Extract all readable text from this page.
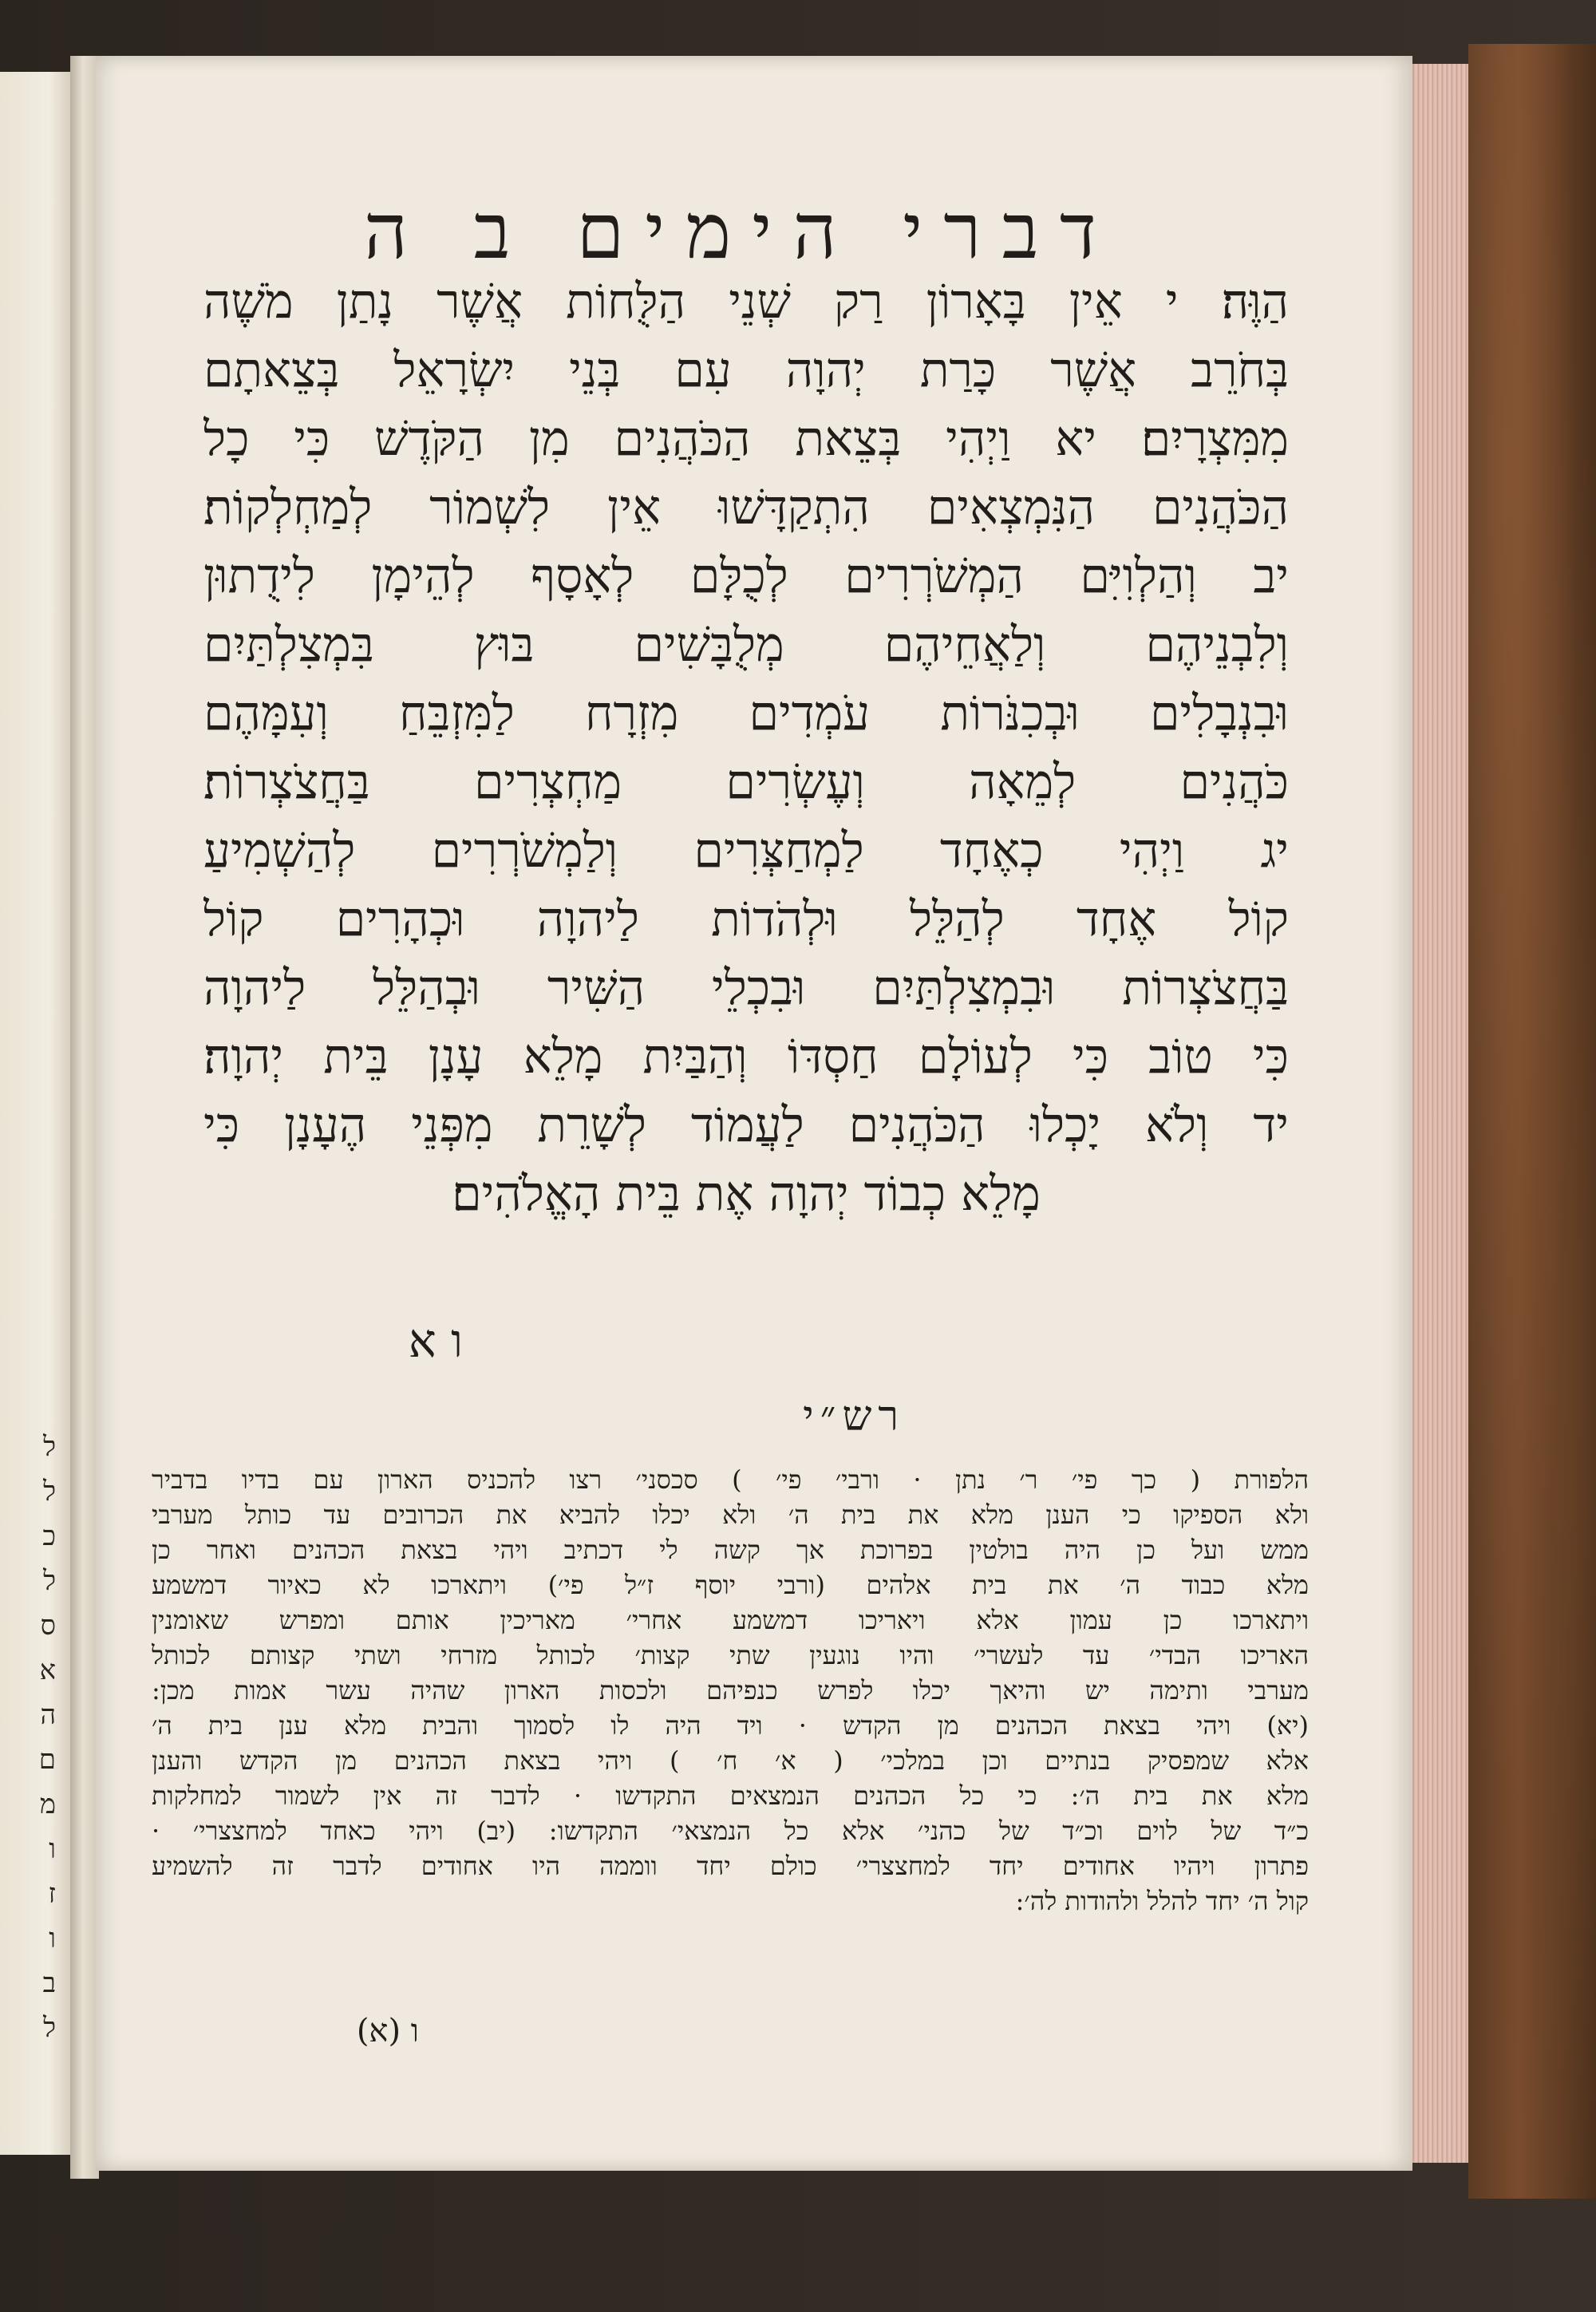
ל
ל
כ
ל
ס
א
ה
ם
מ
ו
ז
ו
ב
ל
דברי הימים ב ה
הַוֶּה׃ י אֵין בָּאָרוֹן רַק שְׁנֵי הַלֻּחוֹת אֲשֶׁר נָתַן מֹשֶׁה
בְּחֹרֵב אֲשֶׁר כָּרַת יְהוָה עִם בְּנֵי יִשְׂרָאֵל בְּצֵאתָם
מִמִּצְרָיִם׃ יא וַיְהִי בְּצֵאת הַכֹּהֲנִים מִן הַקֹּדֶשׁ כִּי כָל
הַכֹּהֲנִים הַנִּמְצְאִים הִתְקַדָּשׁוּ אֵין לִשְׁמוֹר לְמַחְלְקוֹת׃
יב וְהַלְוִיִּם הַמְשֹׁרְרִים לְכֻלָּם לְאָסָף לְהֵימָן לִידֻתוּן
וְלִבְנֵיהֶם וְלַאֲחֵיהֶם מְלֻבָּשִׁים בּוּץ בִּמְצִלְתַּיִם
וּבִנְבָלִים וּבְכִנֹּרוֹת עֹמְדִים מִזְרָח לַמִּזְבֵּחַ וְעִמָּהֶם
כֹּהֲנִים לְמֵאָה וְעֶשְׂרִים מַחְצְרִים בַּחֲצֹצְרוֹת׃
יג וַיְהִי כְאֶחָד לַמְחַצְּרִים וְלַמְשֹׁרְרִים לְהַשְׁמִיעַ
קוֹל אֶחָד לְהַלֵּל וּלְהֹדוֹת לַיהוָה וּכְהָרִים קוֹל
בַּחֲצֹצְרוֹת וּבִמְצִלְתַּיִם וּבִכְלֵי הַשִּׁיר וּבְהַלֵּל לַיהוָה
כִּי טוֹב כִּי לְעוֹלָם חַסְדּוֹ וְהַבַּיִת מָלֵא עָנָן בֵּית יְהוָה׃
יד וְלֹא יָכְלוּ הַכֹּהֲנִים לַעֲמוֹד לְשָׁרֵת מִפְּנֵי הֶעָנָן כִּי
מָלֵא כְבוֹד יְהוָה אֶת בֵּית הָאֱלֹהִים׃
ו א
רש״י
הלפורת ( כך פי׳ ר׳ נתן · ורבי׳ פי׳ ) סכסני׳ רצו להכניס הארון עם בדיו בדביר
ולא הספיקו כי הענן מלא את בית ה׳ ולא יכלו להביא את הכרובים עד כותל מערבי
ממש ועל כן היה בולטין בפרוכת אך קשה לי דכתיב ויהי בצאת הכהנים ואחר כן
מלא כבוד ה׳ את בית אלהים (ורבי יוסף ז״ל פי׳) ויתארכו לא כאיור דמשמע
ויתארכו כן עמון אלא ויאריכו דמשמע אחרי׳ מאריכין אותם ומפרש שאומנין
האריכו הבדי׳ עד לעשרי׳ והיו נוגעין שתי קצות׳ לכותל מזרחי ושתי קצותם לכותל
מערבי ותימה יש והיאך יכלו לפרש כנפיהם ולכסות הארון שהיה עשר אמות מכן:
(יא) ויהי בצאת הכהנים מן הקדש · ויד היה לו לסמוך והבית מלא ענן בית ה׳
אלא שמפסיק בנתיים וכן במלכי׳ ( א׳ ח׳ ) ויהי בצאת הכהנים מן הקדש והענן
מלא את בית ה׳: כי כל הכהנים הנמצאים התקדשו · לדבר זה אין לשמור למחלקות
כ״ד של לוים וכ״ד של כהני׳ אלא כל הנמצאי׳ התקדשו: (יב) ויהי כאחד למחצצרי׳ ·
פתרון ויהיו אחודים יחד למחצצרי׳ כולם יחד ווממה היו אחודים לדבר זה להשמיע
קול ה׳ יחד להלל ולהודות לה׳:
ו (א)
